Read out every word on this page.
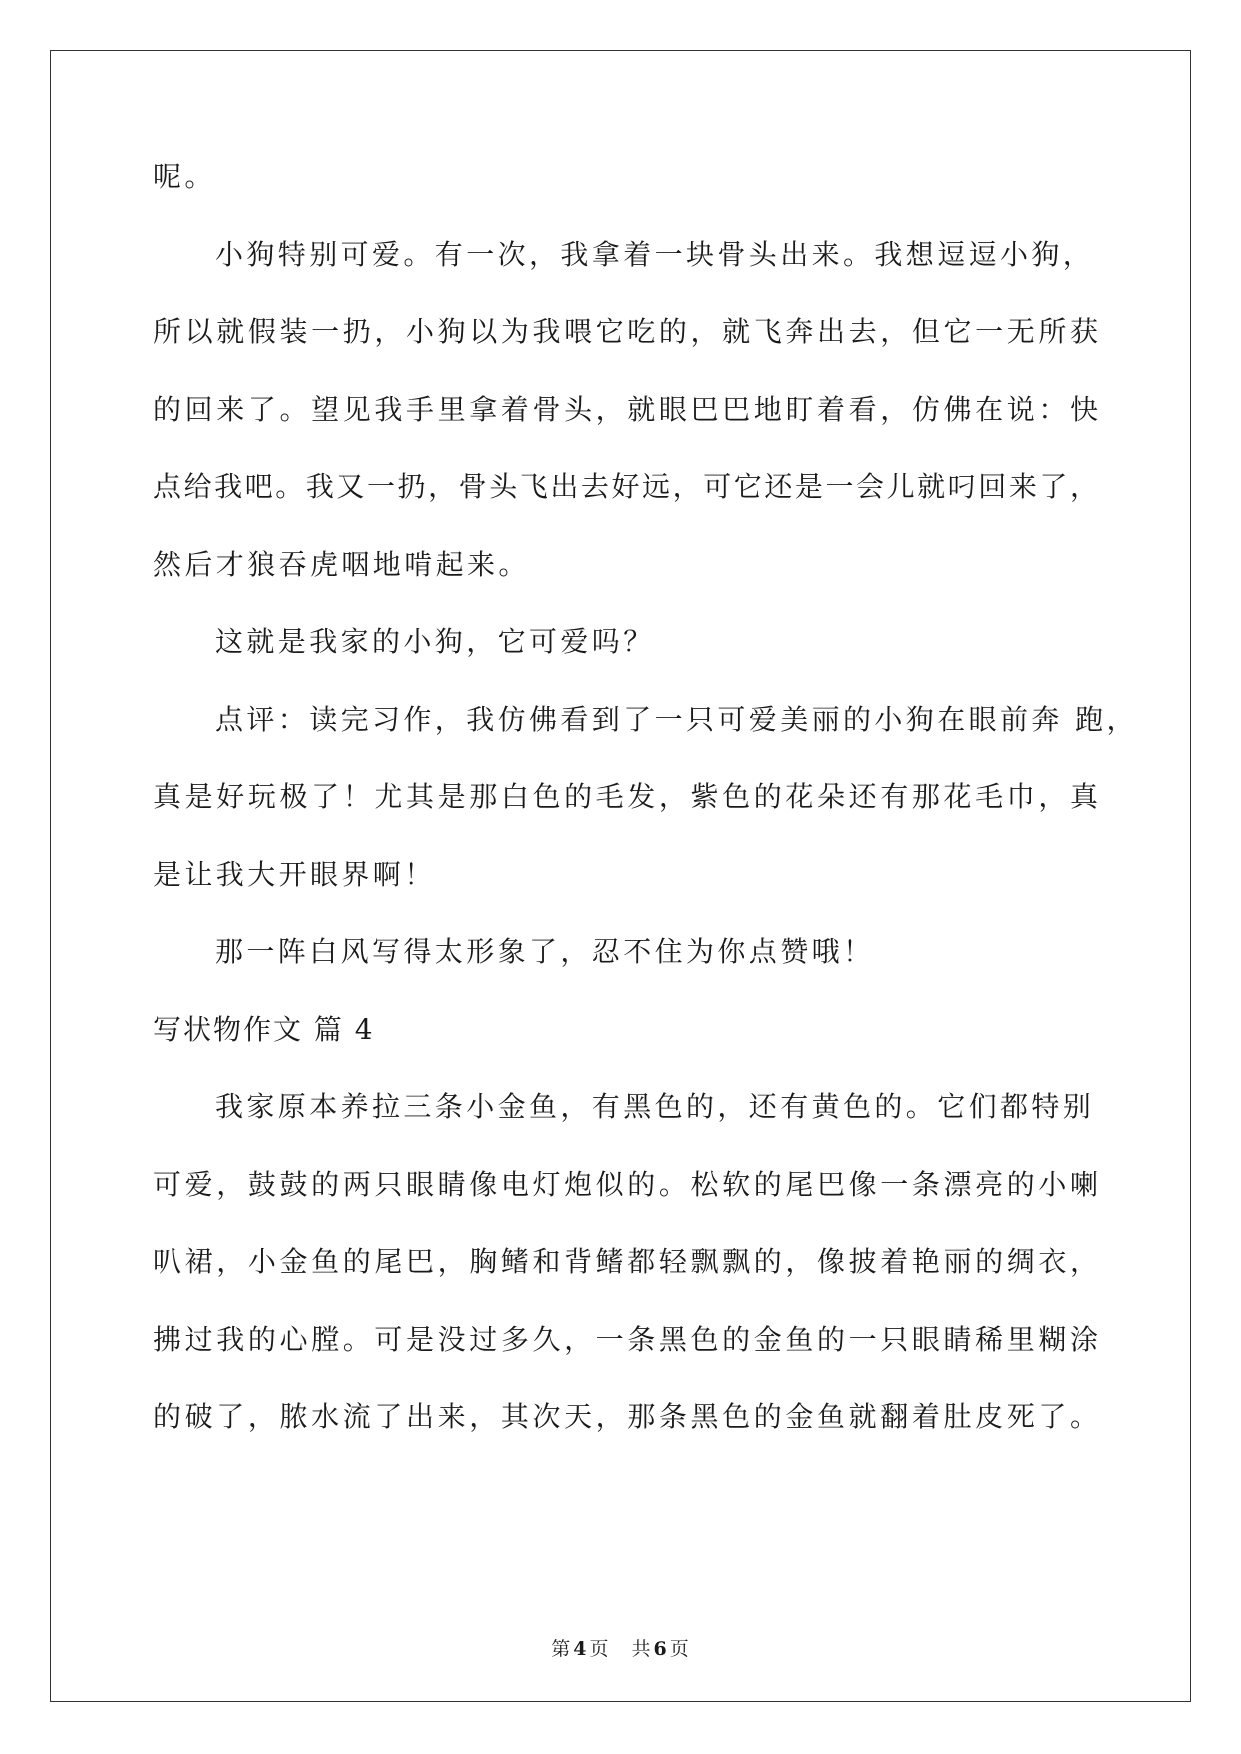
呢。
小狗特别可爱。有一次，我拿着一块骨头出来。我想逗逗小狗，
所以就假装一扔，小狗以为我喂它吃的，就飞奔出去，但它一无所获
的回来了。望见我手里拿着骨头，就眼巴巴地盯着看，仿佛在说：快
点给我吧。我又一扔，骨头飞出去好远，可它还是一会儿就叼回来了，
然后才狼吞虎咽地啃起来。
这就是我家的小狗，它可爱吗？
点评：读完习作，我仿佛看到了一只可爱美丽的小狗在眼前奔 跑，
真是好玩极了！尤其是那白色的毛发，紫色的花朵还有那花毛巾，真
是让我大开眼界啊！
那一阵白风写得太形象了，忍不住为你点赞哦！
写状物作文 篇 4
我家原本养拉三条小金鱼，有黑色的，还有黄色的。它们都特别
可爱，鼓鼓的两只眼睛像电灯炮似的。松软的尾巴像一条漂亮的小喇
叭裙，小金鱼的尾巴，胸鳍和背鳍都轻飘飘的，像披着艳丽的绸衣，
拂过我的心膛。可是没过多久，一条黑色的金鱼的一只眼睛稀里糊涂
的破了，脓水流了出来，其次天，那条黑色的金鱼就翻着肚皮死了。
第 4 页 共 6 页
